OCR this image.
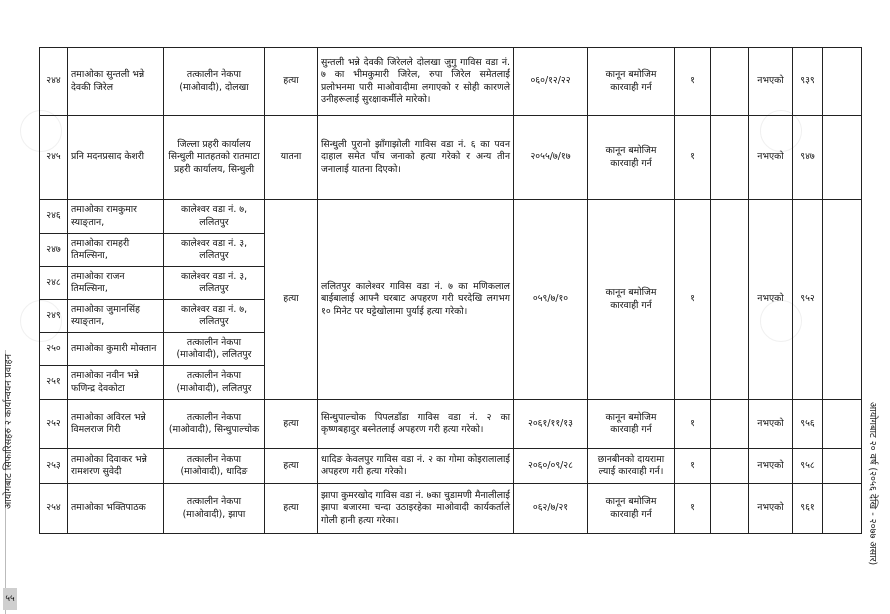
२४४	तमाओका सुन्तली भन्ने देवकी जिरेल	तत्कालीन नेकपा (माओवादी), दोलखा	हत्या	सुन्तली भन्ने देवकी जिरेलले दोलखा जुगु गाविस वडा नं. ७ का भीमकुमारी जिरेल, रुपा जिरेल समेतलाई प्रलोभनमा पारी माओवादीमा लगाएको र सोही कारणले उनीहरूलाई सुरक्षाकर्मीले मारेको।	०६०/१२/२२	कानून बमोजिम कारवाही गर्न	१		नभएको	९३९	
२४५	प्रनि मदनप्रसाद केशरी	जिल्ला प्रहरी कार्यालय सिन्धुली मातहतको रातमाटा प्रहरी कार्यालय, सिन्धुली	यातना	सिन्धुली पुरानो झाँगाझोली गाविस वडा नं. ६ का पवन दाहाल समेत पाँच जनाको हत्या गरेको र अन्य तीन जनालाई यातना दिएको।	२०५५/७/१७	कानून बमोजिम कारवाही गर्न	१		नभएको	९४७	
२४६	तमाओका रामकुमार स्याङ्तान,	कालेश्वर वडा नं. ७, ललितपुर	हत्या	ललितपुर कालेश्वर गाविस वडा नं. ७ का मणिकलाल बाईबालाई आफ्नै घरबाट अपहरण गरी घरदेखि लगभग १० मिनेट पर घट्टेखोलामा पुर्याई हत्या गरेको।	०५९/७/१०	कानून बमोजिम कारवाही गर्न	१		नभएको	९५२	
२४७	तमाओका रामहरी तिमल्सिना,	कालेश्वर वडा नं. ३, ललितपुर									
२४८	तमाओका राजन तिमल्सिना,	कालेश्वर वडा नं. ३, ललितपुर									
२४९	तमाओका जुमानसिंह स्याङ्तान,	कालेश्वर वडा नं. ७, ललितपुर									
२५०	तमाओका कुमारी मोक्तान	तत्कालीन नेकपा (माओवादी), ललितपुर									
२५१	तमाओका नवीन भन्ने फणिन्द्र देवकोटा	तत्कालीन नेकपा (माओवादी), ललितपुर									
२५२	तमाओका अविरल भन्ने विमलराज गिरी	तत्कालीन नेकपा (माओवादी), सिन्धुपाल्चोक	हत्या	सिन्धुपाल्चोक पिपलडाँडा गाविस वडा नं. २ का कृष्णबहादुर बस्नेतलाई अपहरण गरी हत्या गरेको।	२०६१/११/१३	कानून बमोजिम कारवाही गर्न	१		नभएको	९५६	
२५३	तमाओका दिवाकर भन्ने रामशरण सुवेदी	तत्कालीन नेकपा (माओवादी), धादिङ	हत्या	धादिङ केवलपुर गाविस वडा नं. २ का गोमा कोइरालालाई अपहरण गरी हत्या गरेको।	२०६०/०९/२८	छानबीनको दायरामा ल्याई कारवाही गर्न।	१		नभएको	९५८	
२५४	तमाओका भक्तिपाठक	तत्कालीन नेकपा (माओवादी), झापा	हत्या	झापा कुमरखोद गाविस वडा नं. ७का चुडामणी मैनालीलाई झापा बजारमा चन्दा उठाइरहेका माओवादी कार्यकर्ताले गोली हानी हत्या गरेका।	०६२/७/२१	कानून बमोजिम कारवाही गर्न	१		नभएको	९६१	
आयोगबाट सिफारिसहरु २ कार्यान्वयन प्रवाहन
५५
आयोगबाट २० वर्ष (२०५६ देखि - २०७७ असार)
